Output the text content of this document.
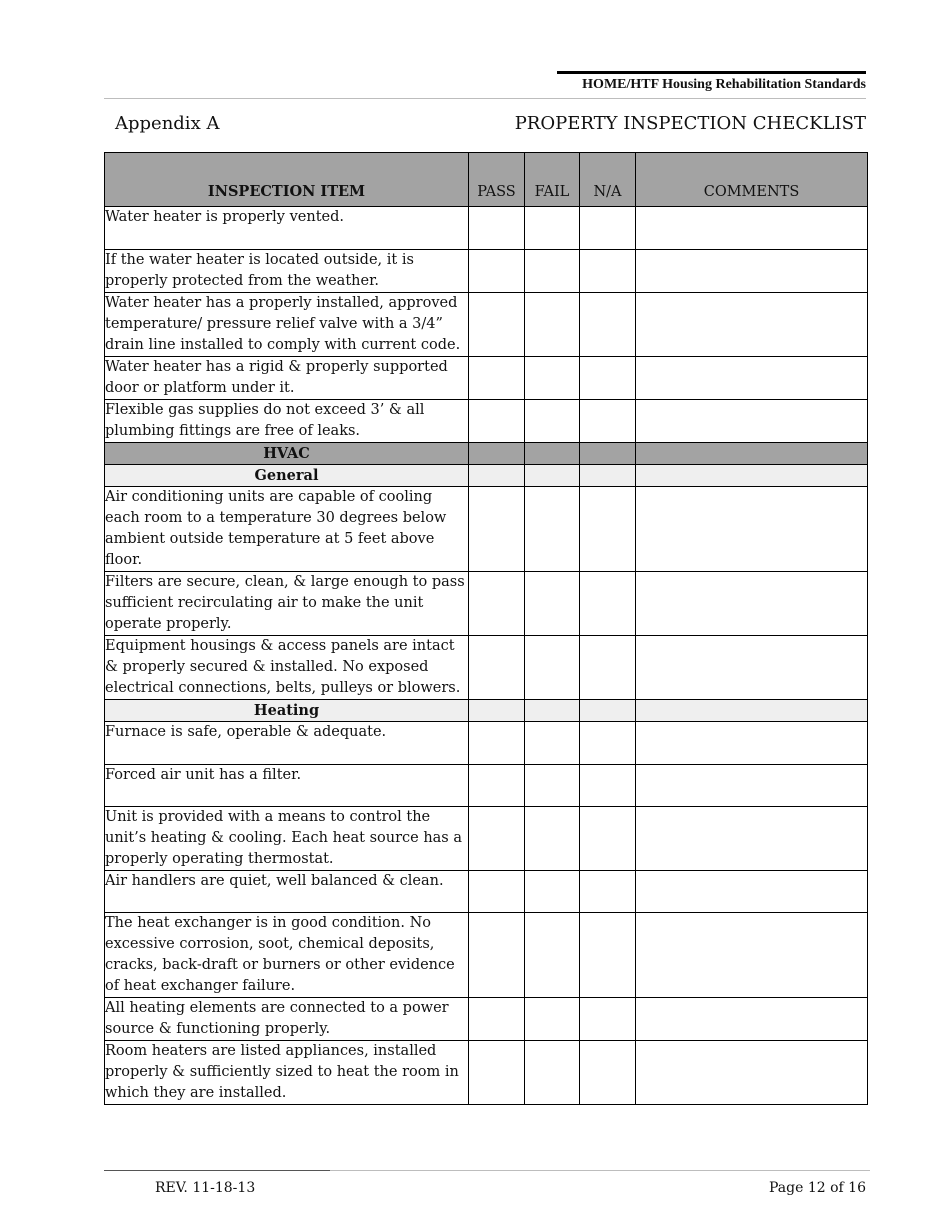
HOME/HTF Housing Rehabilitation Standards
Appendix A	PROPERTY INSPECTION CHECKLIST
INSPECTION ITEM	PASS	FAIL	N/A	COMMENTS
Water heater is properly vented.				
If the water heater is located outside, it is properly protected from the weather.				
Water heater has a properly installed, approved temperature/ pressure relief valve with a 3/4” drain line installed to comply with current code.				
Water heater has a rigid & properly supported door or platform under it.				
Flexible gas supplies do not exceed 3’ & all plumbing fittings are free of leaks.				
HVAC				
General				
Air conditioning units are capable of cooling each room to a temperature 30 degrees below ambient outside temperature at 5 feet above floor.				
Filters are secure, clean, & large enough to pass sufficient recirculating air to make the unit operate properly.				
Equipment housings & access panels are intact & properly secured & installed. No exposed electrical connections, belts, pulleys or blowers.				
Heating				
Furnace is safe, operable & adequate.				
Forced air unit has a filter.				
Unit is provided with a means to control the unit’s heating & cooling. Each heat source has a properly operating thermostat.				
Air handlers are quiet, well balanced & clean.				
The heat exchanger is in good condition. No excessive corrosion, soot, chemical deposits, cracks, back-draft or burners or other evidence of heat exchanger failure.				
All heating elements are connected to a power source & functioning properly.				
Room heaters are listed appliances, installed properly & sufficiently sized to heat the room in which they are installed.				
REV. 11-18-13	Page 12 of 16
